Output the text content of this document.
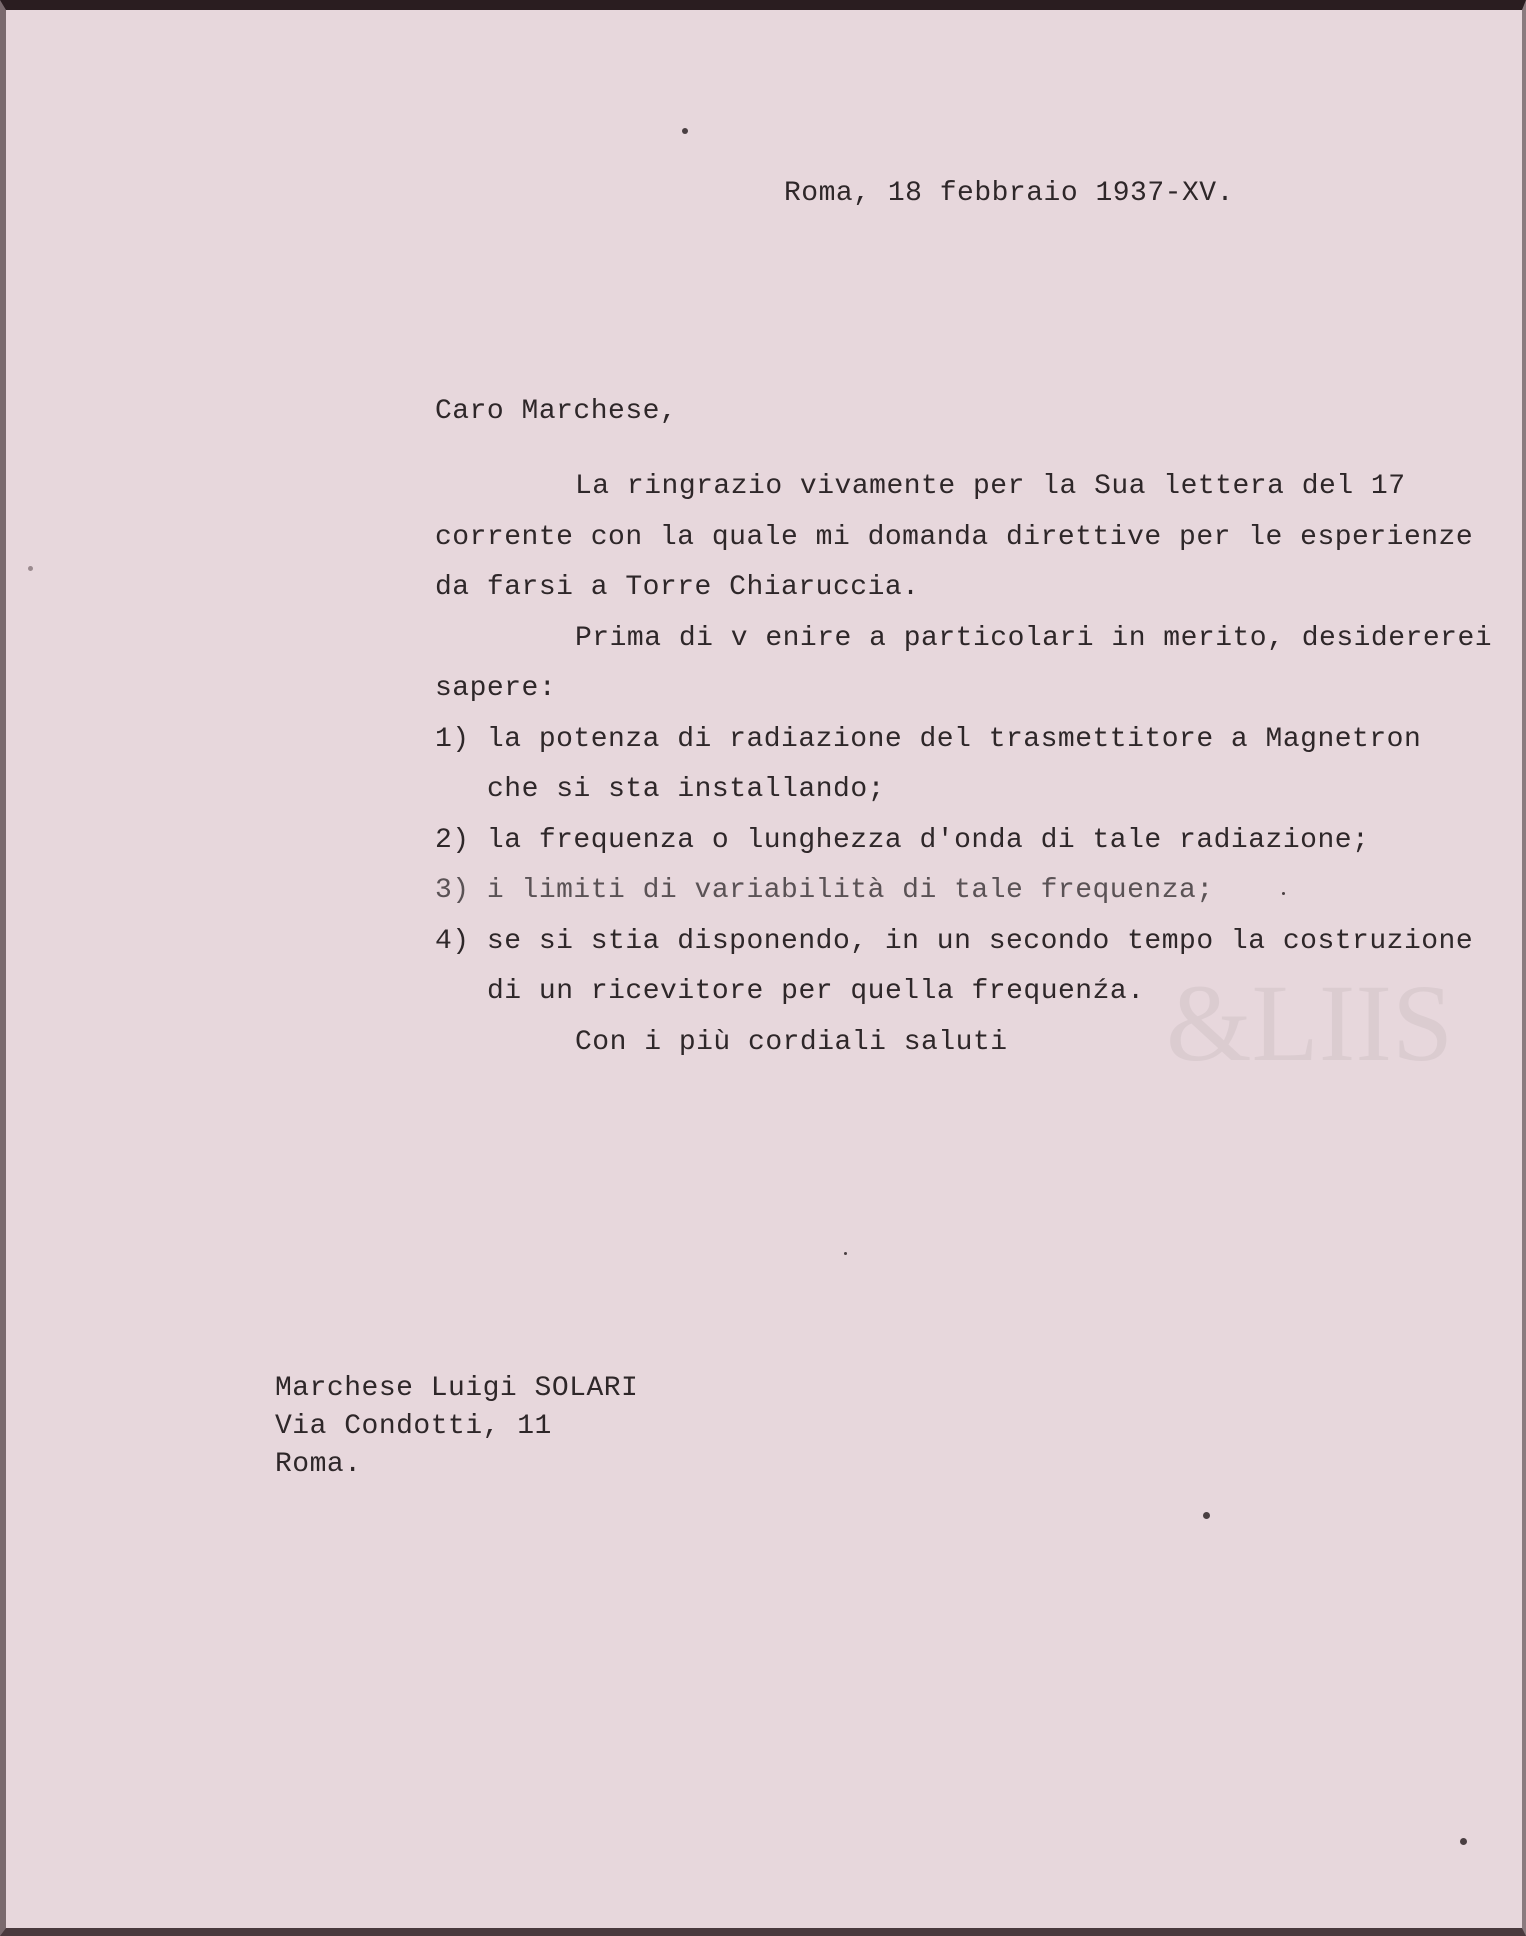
&LIIS
Roma, 18 febbraio 1937-XV.
Caro Marchese,
La ringrazio vivamente per la Sua lettera del 17
corrente con la quale mi domanda direttive per le esperienze
da farsi a Torre Chiaruccia.
Prima di v enire a particolari in merito, desidererei
sapere:
1) la potenza di radiazione del trasmettitore a Magnetron
che si sta installando;
2) la frequenza o lunghezza d'onda di tale radiazione;
3) i limiti di variabilità di tale frequenza;
4) se si stia disponendo, in un secondo tempo la costruzione
di un ricevitore per quella frequenźa.
Con i più cordiali saluti
Marchese Luigi SOLARI
Via Condotti, 11
Roma.
